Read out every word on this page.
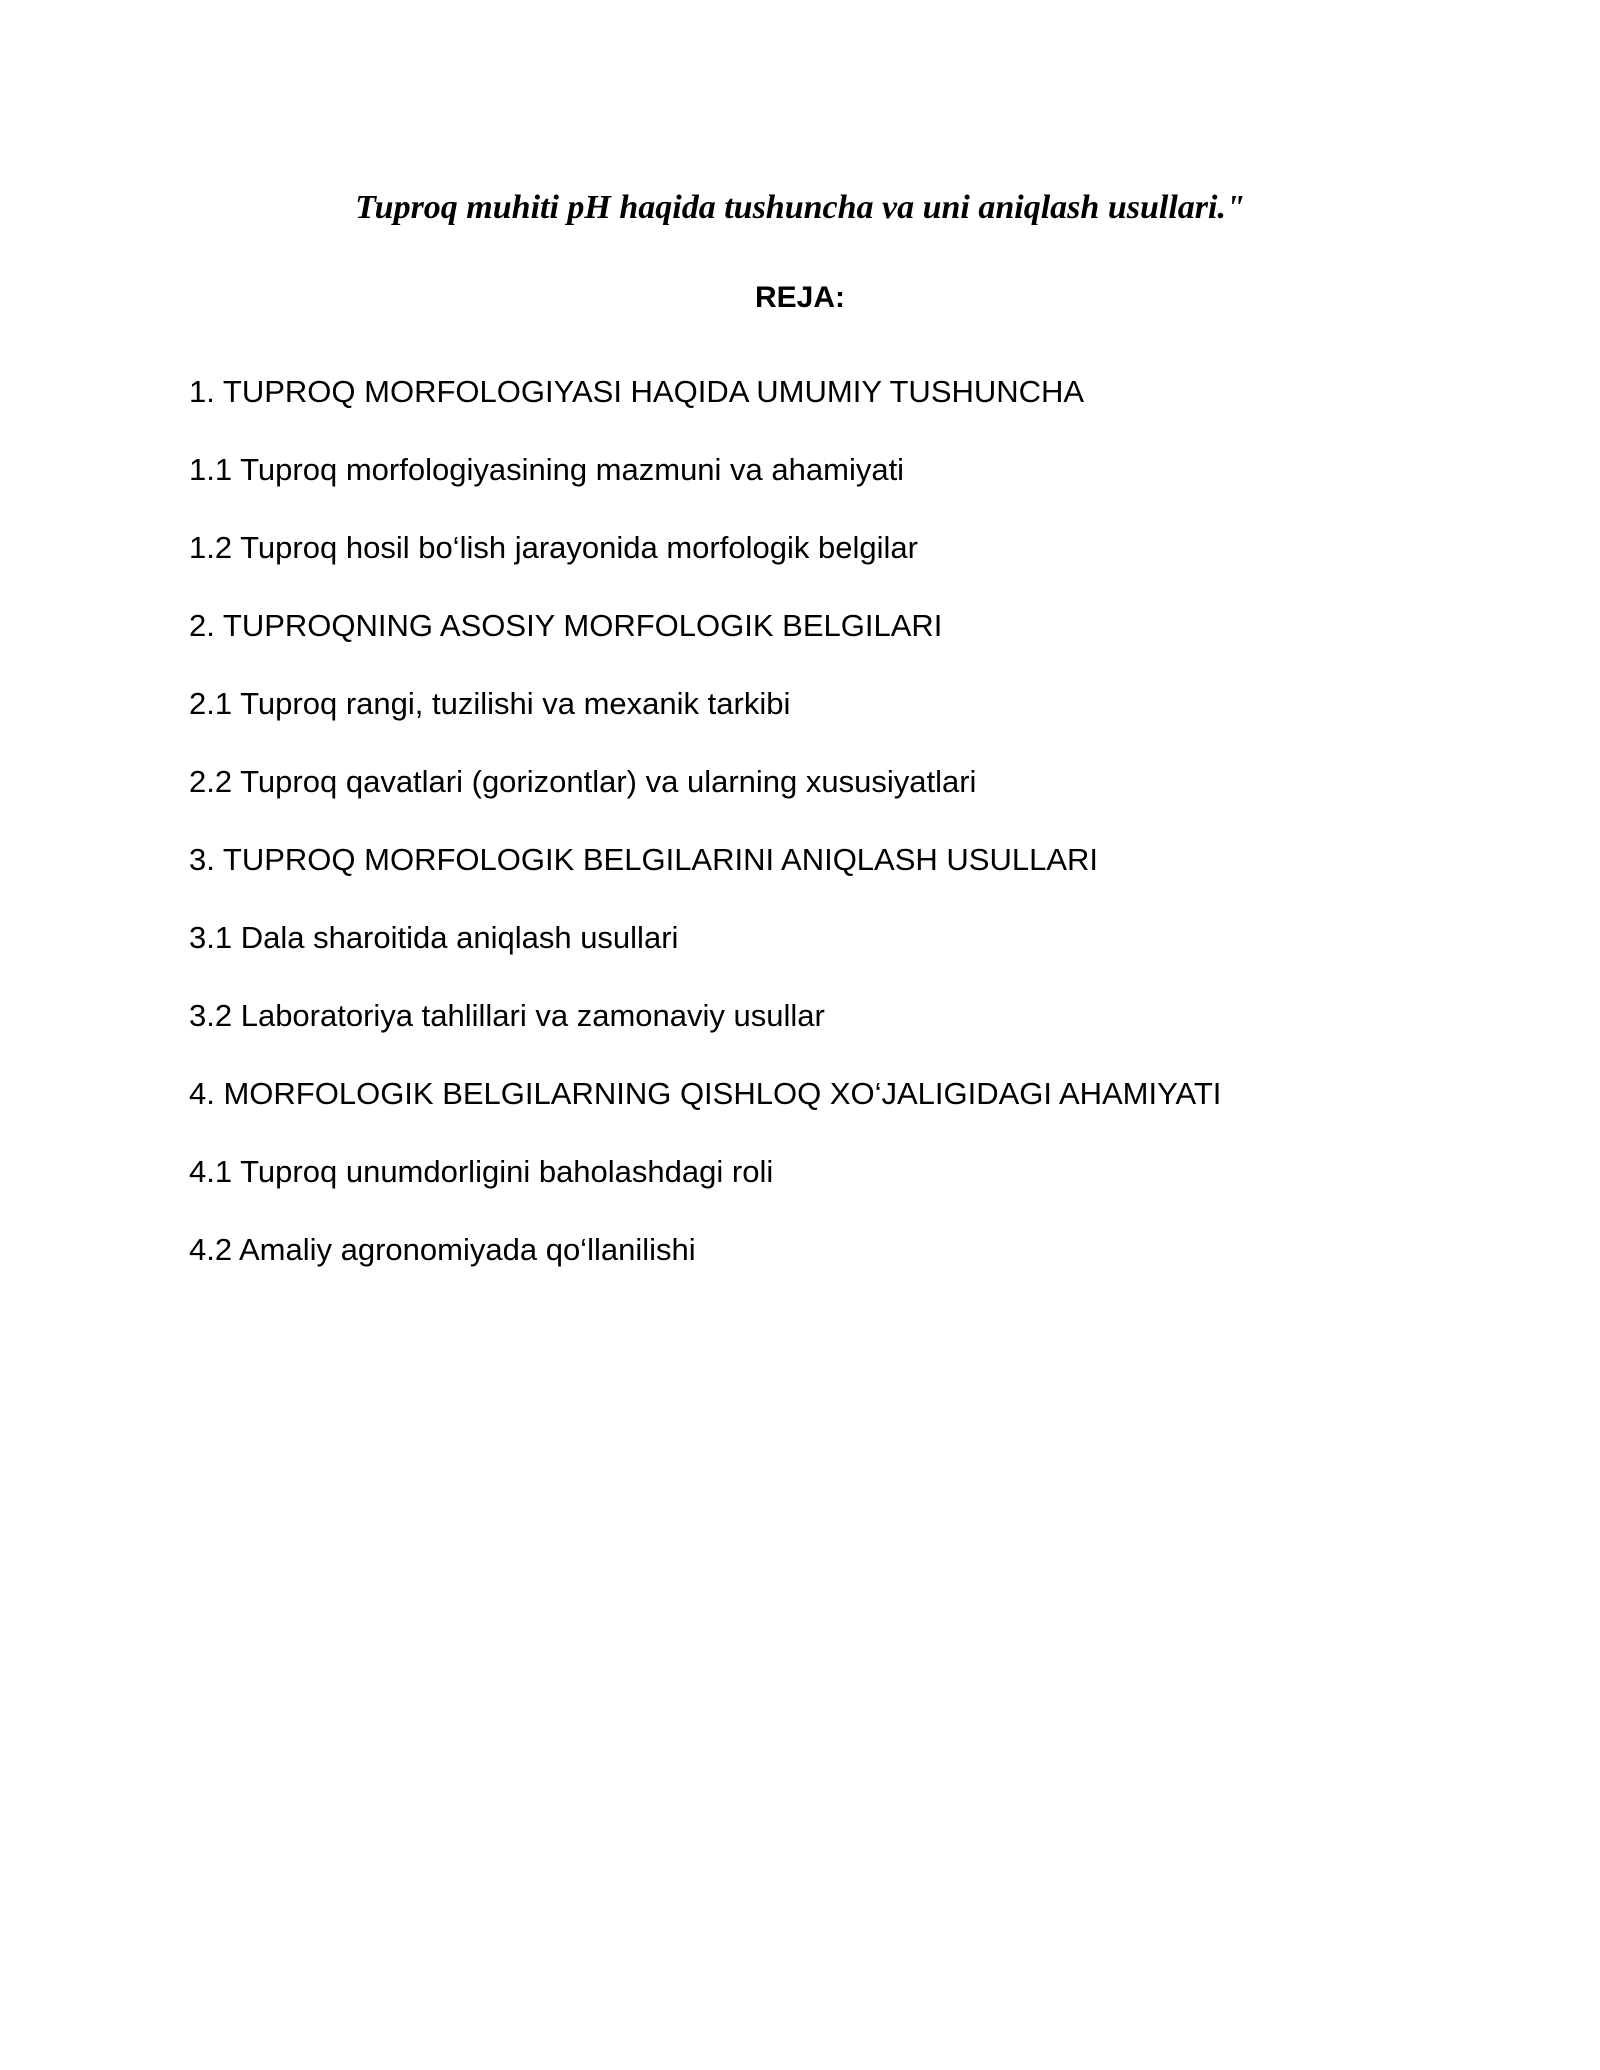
Tuproq muhiti pH haqida tushuncha va uni aniqlash usullari."
REJA:
1. TUPROQ MORFOLOGIYASI HAQIDA UMUMIY TUSHUNCHA
1.1 Tuproq morfologiyasining mazmuni va ahamiyati
1.2 Tuproq hosil bo‘lish jarayonida morfologik belgilar
2. TUPROQNING ASOSIY MORFOLOGIK BELGILARI
2.1 Tuproq rangi, tuzilishi va mexanik tarkibi
2.2 Tuproq qavatlari (gorizontlar) va ularning xususiyatlari
3. TUPROQ MORFOLOGIK BELGILARINI ANIQLASH USULLARI
3.1 Dala sharoitida aniqlash usullari
3.2 Laboratoriya tahlillari va zamonaviy usullar
4. MORFOLOGIK BELGILARNING QISHLOQ XO‘JALIGIDAGI AHAMIYATI
4.1 Tuproq unumdorligini baholashdagi roli
4.2 Amaliy agronomiyada qo‘llanilishi
